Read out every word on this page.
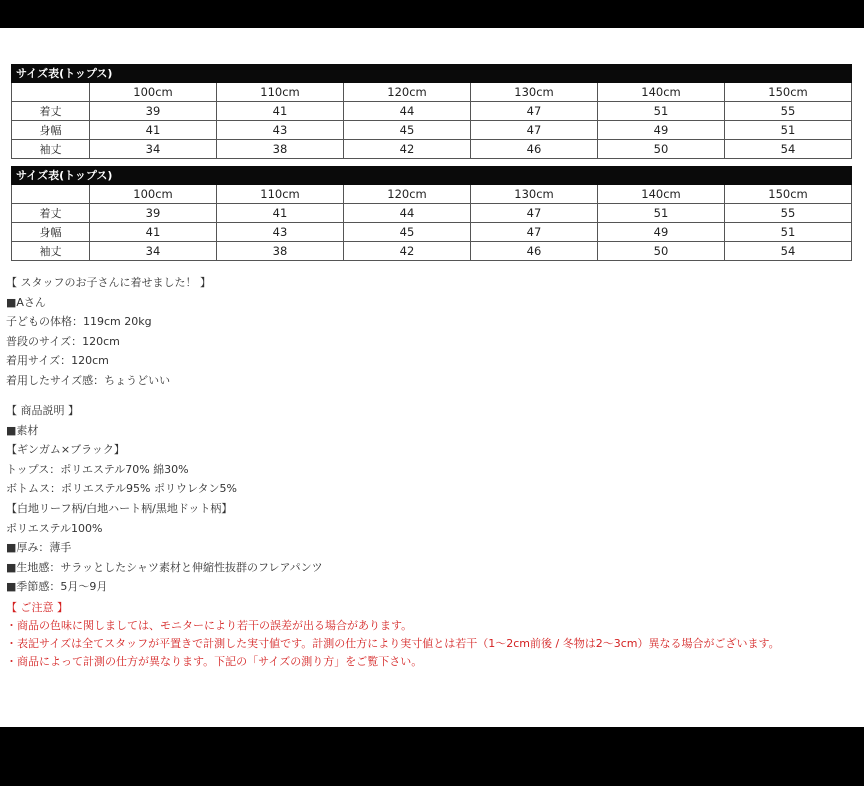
サイズ表(トップス)						
	100cm	110cm	120cm	130cm	140cm	150cm
着丈	39	41	44	47	51	55
身幅	41	43	45	47	49	51
袖丈	34	38	42	46	50	54
サイズ表(トップス)						
	100cm	110cm	120cm	130cm	140cm	150cm
着丈	39	41	44	47	51	55
身幅	41	43	45	47	49	51
袖丈	34	38	42	46	50	54
【 スタッフのお子さんに着せました！ 】
■Aさん
子どもの体格：119cm 20kg
普段のサイズ：120cm
着用サイズ：120cm
着用したサイズ感：ちょうどいい
【 商品説明 】
■素材
【ギンガム×ブラック】
トップス：ポリエステル70% 綿30%
ボトムス：ポリエステル95% ポリウレタン5%
【白地リーフ柄/白地ハート柄/黒地ドット柄】
ポリエステル100%
■厚み：薄手
■生地感：サラッとしたシャツ素材と伸縮性抜群のフレアパンツ
■季節感：5月～9月
【 ご注意 】
・商品の色味に関しましては、モニターにより若干の誤差が出る場合があります。
・表記サイズは全てスタッフが平置きで計測した実寸値です。計測の仕方により実寸値とは若干（1～2cm前後 / 冬物は2～3cm）異なる場合がございます。
・商品によって計測の仕方が異なります。下記の「サイズの測り方」をご覧下さい。
